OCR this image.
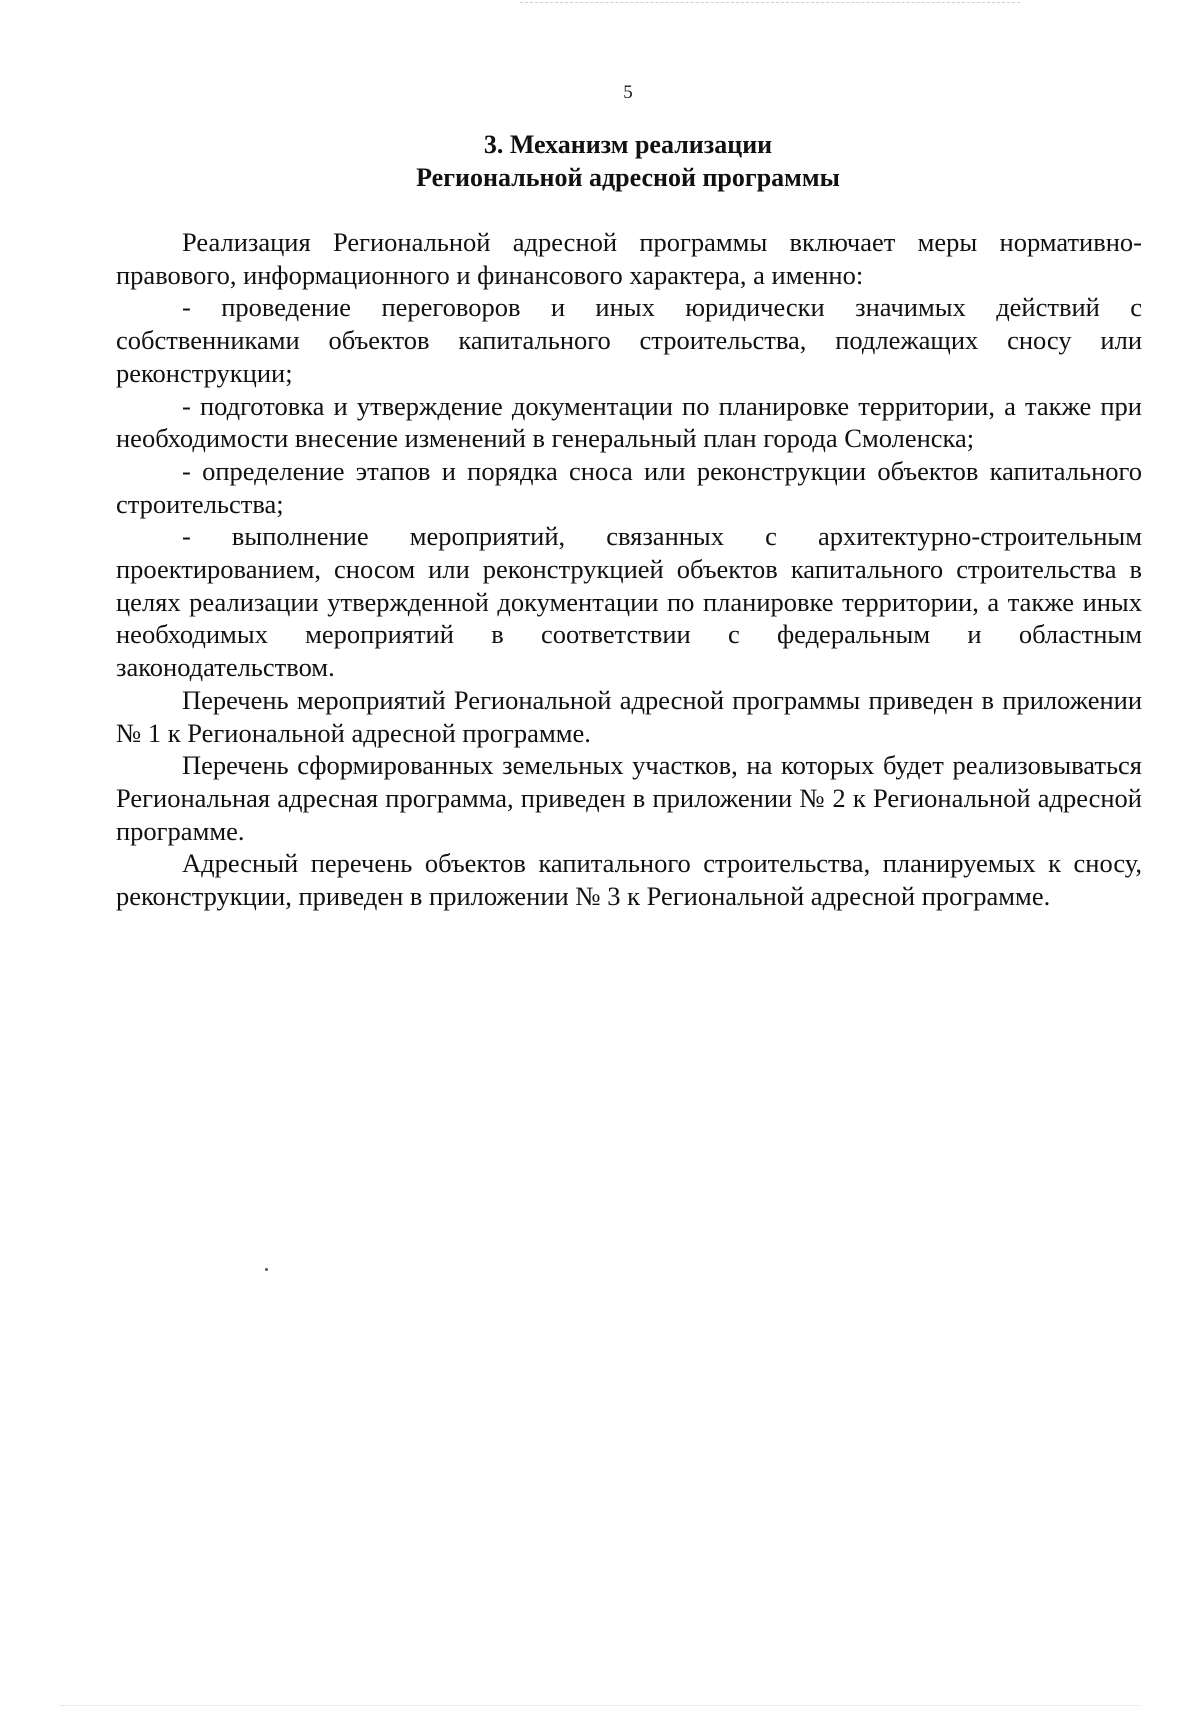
5
3. Механизм реализации
Региональной адресной программы

Реализация Региональной адресной программы включает меры нормативно-правового, информационного и финансового характера, а именно:

- проведение переговоров и иных юридически значимых действий с собственниками объектов капитального строительства, подлежащих сносу или реконструкции;

- подготовка и утверждение документации по планировке территории, а также при необходимости внесение изменений в генеральный план города Смоленска;

- определение этапов и порядка сноса или реконструкции объектов капитального строительства;

- выполнение мероприятий, связанных с архитектурно-строительным проектированием, сносом или реконструкцией объектов капитального строительства в целях реализации утвержденной документации по планировке территории, а также иных необходимых мероприятий в соответствии с федеральным и областным законодательством.

Перечень мероприятий Региональной адресной программы приведен в приложении № 1 к Региональной адресной программе.

Перечень сформированных земельных участков, на которых будет реализовываться Региональная адресная программа, приведен в приложении № 2 к Региональной адресной программе.

Адресный перечень объектов капитального строительства, планируемых к сносу, реконструкции, приведен в приложении № 3 к Региональной адресной программе.
